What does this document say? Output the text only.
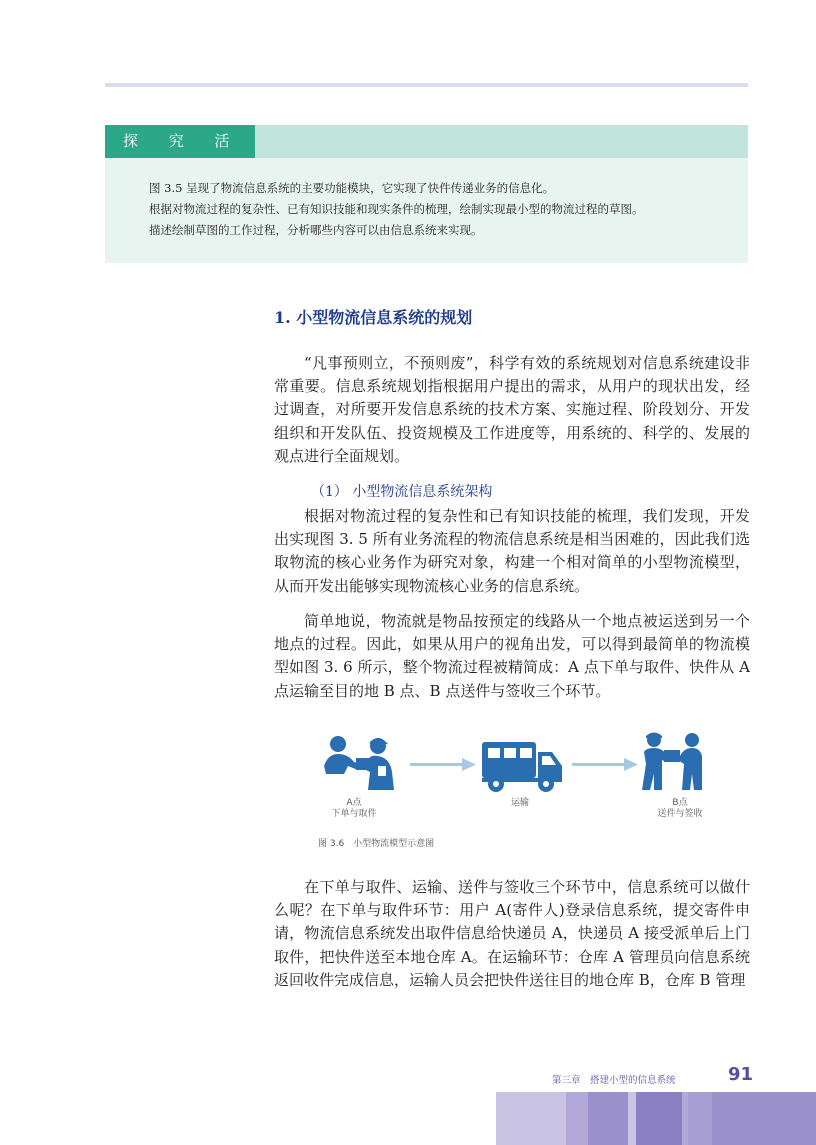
探 究 活
图 3.5 呈现了物流信息系统的主要功能模块，它实现了快件传递业务的信息化。
根据对物流过程的复杂性、已有知识技能和现实条件的梳理，绘制实现最小型的物流过程的草图。
描述绘制草图的工作过程，分析哪些内容可以由信息系统来实现。
1. 小型物流信息系统的规划

“凡事预则立，不预则废”，科学有效的系统规划对信息系统建设非常重要。信息系统规划指根据用户提出的需求，从用户的现状出发，经过调查，对所要开发信息系统的技术方案、实施过程、阶段划分、开发组织和开发队伍、投资规模及工作进度等，用系统的、科学的、发展的观点进行全面规划。

（1） 小型物流信息系统架构

根据对物流过程的复杂性和已有知识技能的梳理，我们发现，开发出实现图 3. 5 所有业务流程的物流信息系统是相当困难的，因此我们选取物流的核心业务作为研究对象，构建一个相对简单的小型物流模型，从而开发出能够实现物流核心业务的信息系统。

简单地说，物流就是物品按预定的线路从一个地点被运送到另一个地点的过程。因此，如果从用户的视角出发，可以得到最简单的物流模型如图 3. 6 所示，整个物流过程被精简成：A 点下单与取件、快件从 A 点运输至目的地 B 点、B 点送件与签收三个环节。

A点
下单与取件
运输	B点
送件与签收
图 3.6　小型物流模型示意图

在下单与取件、运输、送件与签收三个环节中，信息系统可以做什么呢？在下单与取件环节：用户 A(寄件人)登录信息系统，提交寄件申请，物流信息系统发出取件信息给快递员 A，快递员 A 接受派单后上门取件，把快件送至本地仓库 A。在运输环节：仓库 A 管理员向信息系统返回收件完成信息，运输人员会把快件送往目的地仓库 B，仓库 B 管理

第三章　搭建小型的信息系统	91
